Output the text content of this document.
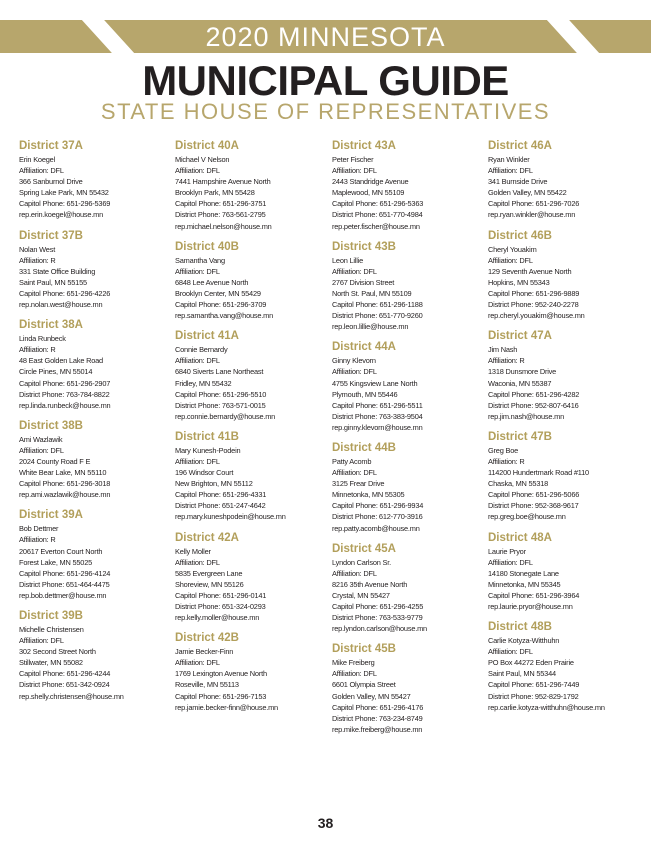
2020 MINNESOTA
MUNICIPAL GUIDE
STATE HOUSE OF REPRESENTATIVES
District 37A
Erin Koegel
Affiliation: DFL
366 Sanburnol Drive
Spring Lake Park, MN 55432
Capitol Phone: 651-296-5369
rep.erin.koegel@house.mn
District 37B
Nolan West
Affiliation: R
331 State Office Building
Saint Paul, MN 55155
Capitol Phone: 651-296-4226
rep.nolan.west@house.mn
District 38A
Linda Runbeck
Affiliation: R
48 East Golden Lake Road
Circle Pines, MN 55014
Capitol Phone: 651-296-2907
District Phone: 763-784-8822
rep.linda.runbeck@house.mn
District 38B
Ami Wazlawik
Affiliation: DFL
2024 County Road F E
White Bear Lake, MN 55110
Capitol Phone: 651-296-3018
rep.ami.wazlawik@house.mn
District 39A
Bob Dettmer
Affiliation: R
20617 Everton Court North
Forest Lake, MN 55025
Capitol Phone: 651-296-4124
District Phone: 651-464-4475
rep.bob.dettmer@house.mn
District 39B
Michelle Christensen
Affiliation: DFL
302 Second Street North
Stillwater, MN 55082
Capitol Phone: 651-296-4244
District Phone: 651-342-0924
rep.shelly.christensen@house.mn
District 40A
Michael V Nelson
Affiliation: DFL
7441 Hampshire Avenue North
Brooklyn Park, MN 55428
Capitol Phone: 651-296-3751
District Phone: 763-561-2795
rep.michael.nelson@house.mn
District 40B
Samantha Vang
Affiliation: DFL
6848 Lee Avenue North
Brooklyn Center, MN 55429
Capitol Phone: 651-296-3709
rep.samantha.vang@house.mn
District 41A
Connie Bernardy
Affiliation: DFL
6840 Siverts Lane Northeast
Fridley, MN 55432
Capitol Phone: 651-296-5510
District Phone: 763-571-0015
rep.connie.bernardy@house.mn
District 41B
Mary Kunesh-Podein
Affiliation: DFL
196 Windsor Court
New Brighton, MN 55112
Capitol Phone: 651-296-4331
District Phone: 651-247-4642
rep.mary.kuneshpodein@house.mn
District 42A
Kelly Moller
Affiliation: DFL
5835 Evergreen Lane
Shoreview, MN 55126
Capitol Phone: 651-296-0141
District Phone: 651-324-0293
rep.kelly.moller@house.mn
District 42B
Jamie Becker-Finn
Affiliation: DFL
1769 Lexington Avenue North
Roseville, MN 55113
Capitol Phone: 651-296-7153
rep.jamie.becker-finn@house.mn
District 43A
Peter Fischer
Affiliation: DFL
2443 Standridge Avenue
Maplewood, MN 55109
Capitol Phone: 651-296-5363
District Phone: 651-770-4984
rep.peter.fischer@house.mn
District 43B
Leon Lillie
Affiliation: DFL
2767 Division Street
North St. Paul, MN 55109
Capitol Phone: 651-296-1188
District Phone: 651-770-9260
rep.leon.lillie@house.mn
District 44A
Ginny Klevorn
Affiliation: DFL
4755 Kingsview Lane North
Plymouth, MN 55446
Capitol Phone: 651-296-5511
District Phone: 763-383-9504
rep.ginny.klevorn@house.mn
District 44B
Patty Acomb
Affiliation: DFL
3125 Frear Drive
Minnetonka, MN 55305
Capitol Phone: 651-296-9934
District Phone: 612-770-3916
rep.patty.acomb@house.mn
District 45A
Lyndon Carlson Sr.
Affiliation: DFL
8216 35th Avenue North
Crystal, MN 55427
Capitol Phone: 651-296-4255
District Phone: 763-533-9779
rep.lyndon.carlson@house.mn
District 45B
Mike Freiberg
Affiliation: DFL
6601 Olympia Street
Golden Valley, MN 55427
Capitol Phone: 651-296-4176
District Phone: 763-234-8749
rep.mike.freiberg@house.mn
District 46A
Ryan Winkler
Affiliation: DFL
341 Burnside Drive
Golden Valley, MN 55422
Capitol Phone: 651-296-7026
rep.ryan.winkler@house.mn
District 46B
Cheryl Youakim
Affiliation: DFL
129 Seventh Avenue North
Hopkins, MN 55343
Capitol Phone: 651-296-9889
District Phone: 952-240-2278
rep.cheryl.youakim@house.mn
District 47A
Jim Nash
Affiliation: R
1318 Dunsmore Drive
Waconia, MN 55387
Capitol Phone: 651-296-4282
District Phone: 952-807-6416
rep.jim.nash@house.mn
District 47B
Greg Boe
Affiliation: R
114200 Hundertmark Road #110
Chaska, MN 55318
Capitol Phone: 651-296-5066
District Phone: 952-368-9617
rep.greg.boe@house.mn
District 48A
Laurie Pryor
Affiliation: DFL
14180 Stonegate Lane
Minnetonka, MN 55345
Capitol Phone: 651-296-3964
rep.laurie.pryor@house.mn
District 48B
Carlie Kotyza-Witthuhn
Affiliation: DFL
PO Box 44272 Eden Prairie
Saint Paul, MN 55344
Capitol Phone: 651-296-7449
District Phone: 952-829-1792
rep.carlie.kotyza-witthuhn@house.mn
38
